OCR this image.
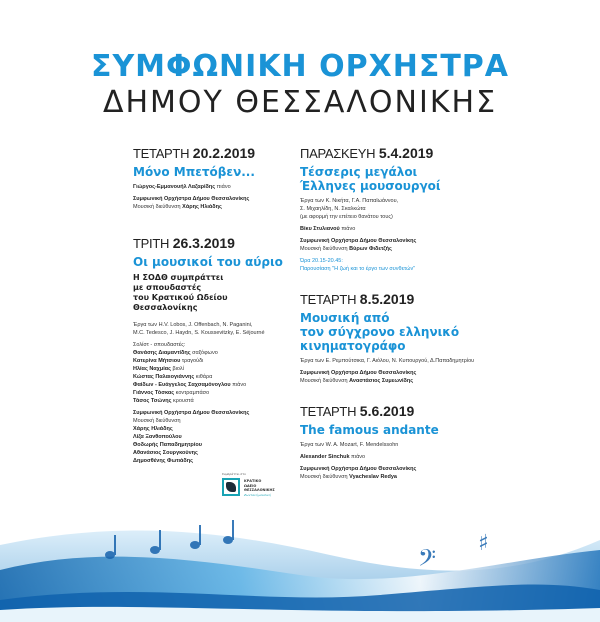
ΣΥΜΦΩΝΙΚΗ ΟΡΧΗΣΤΡΑ
ΔΗΜΟΥ ΘΕΣΣΑΛΟΝΙΚΗΣ
ΤΕΤΑΡΤΗ 20.2.2019
Μόνο Μπετόβεν...
Γιώργος-Εμμανουήλ Λαζαρίδης πιάνο
Συμφωνική Ορχήστρα Δήμου Θεσσαλονίκης
Μουσική διεύθυνση Χάρης Ηλιάδης
ΤΡΙΤΗ 26.3.2019
Οι μουσικοί του αύριο
Η ΣΟΔΘ συμπράττει
με σπουδαστές
του Κρατικού Ωδείου
Θεσσαλονίκης
Έργα των H.V. Lobos, J. Offenbach, N. Paganini,
M.C. Tedesco, J. Haydn, S. Koussevitzky, E. Séjourné
Σολίστ - σπουδαστές:
Θανάσης Διαμαντίδης σαξόφωνο
Κατερίνα Μήτσιου τραγούδι
Ηλίας Ναχμίας βιολί
Κώστας Παλαιογιάννης κιθάρα
Φαίδων - Ευάγγελος Σαχσαμόνογλου πιάνο
Γιάννος Τόσκας κοντραμπάσο
Τάσος Τσώνης κρουστά
Συμφωνική Ορχήστρα Δήμου Θεσσαλονίκης
Μουσική διεύθυνση
Χάρης Ηλιάδης
Λίζα Ξανθοπούλου
Θοδωρής Παπαδημητρίου
Αθανάσιος Σουργκούνης
Δημοσθένης Φωτιάδης
ΠΑΡΑΣΚΕΥΗ 5.4.2019
Τέσσερις μεγάλοι
Έλληνες μουσουργοί
Έργα των Κ. Νικήτα, Γ.Α. Παπαϊωάννου,
Σ. Μιχαηλίδη, Ν. Σκαλκώτα
(με αφορμή την επέτειο θανάτου τους)
Βίκυ Στυλιανού πιάνο
Συμφωνική Ορχήστρα Δήμου Θεσσαλονίκης
Μουσική διεύθυνση Βύρων Φιδετζής
Ώρα 20.15-20.45:
Παρουσίαση "Η ζωή και το έργο των συνθετών"
ΤΕΤΑΡΤΗ 8.5.2019
Μουσική από
τον σύγχρονο ελληνικό
κινηματογράφο
Έργα των Ε. Ρεμπούτσικα, Γ. Αιόλου, Ν. Κυπουργού, Δ.Παπαδημητρίου
Συμφωνική Ορχήστρα Δήμου Θεσσαλονίκης
Μουσική διεύθυνση Αναστάσιος Συμεωνίδης
ΤΕΤΑΡΤΗ 5.6.2019
The famous andante
Έργα των W. A. Mozart, F. Mendelssohn
Alexander Sinchuk πιάνο
Συμφωνική Ορχήστρα Δήμου Θεσσαλονίκης
Μουσική διεύθυνση Vyacheslav Redya
Συμπράττει στο
ΚΡΑΤΙΚΟ
ΩΔΕΙΟ
ΘΕΣΣΑΛΟΝΙΚΗΣ
Ζωντανή μουσική
𝄢
♯
